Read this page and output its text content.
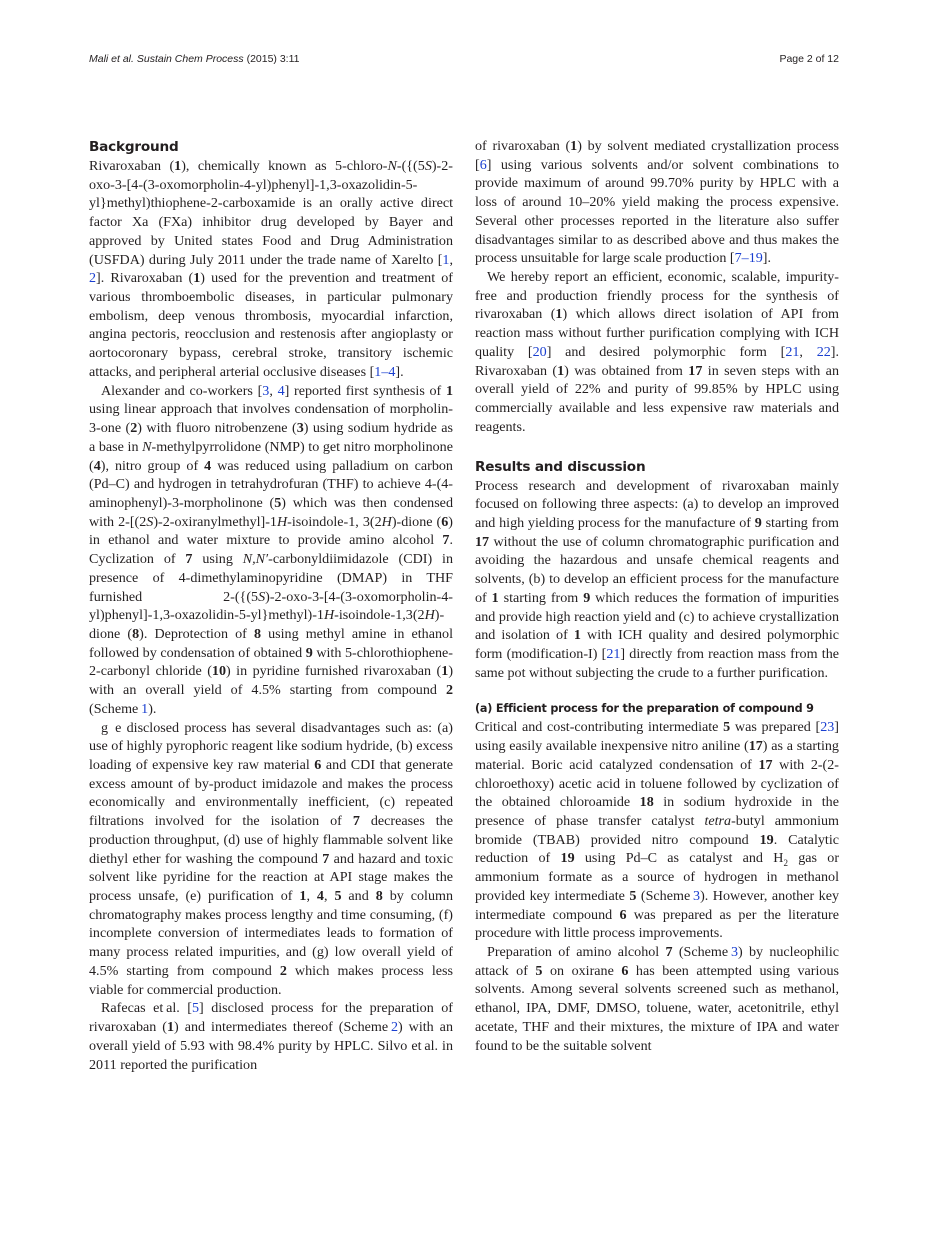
Mali et al. Sustain Chem Process (2015) 3:11	Page 2 of 12
Background

Rivaroxaban (1), chemically known as 5-chloro-N-({(5S)-2-oxo-3-[4-(3-oxomorpholin-4-yl)phenyl]-1,3-oxazolidin-5-yl}methyl)thiophene-2-carboxamide is an orally active direct factor Xa (FXa) inhibitor drug developed by Bayer and approved by United states Food and Drug Administration (USFDA) during July 2011 under the trade name of Xarelto [1, 2]. Rivaroxaban (1) used for the prevention and treatment of various thromboembolic diseases, in particular pulmonary embolism, deep venous thrombosis, myocardial infarction, angina pectoris, reocclusion and restenosis after angioplasty or aortocoronary bypass, cerebral stroke, transitory ischemic attacks, and peripheral arterial occlusive diseases [1–4].

Alexander and co-workers [3, 4] reported first synthesis of 1 using linear approach that involves condensation of morpholin-3-one (2) with fluoro nitrobenzene (3) using sodium hydride as a base in N-methylpyrrolidone (NMP) to get nitro morpholinone (4), nitro group of 4 was reduced using palladium on carbon (Pd–C) and hydrogen in tetrahydrofuran (THF) to achieve 4-(4-aminophenyl)-3-morpholinone (5) which was then condensed with 2-[(2S)-2-oxiranylmethyl]-1H-isoindole-1, 3(2H)-dione (6) in ethanol and water mixture to provide amino alcohol 7. Cyclization of 7 using N,N′-carbonyldiimidazole (CDI) in presence of 4-dimethylaminopyridine (DMAP) in THF furnished 2-({(5S)-2-oxo-3-[4-(3-oxomorpholin-4-yl)phenyl]-1,3-oxazolidin-5-yl}methyl)-1H-isoindole-1,3(2H)-dione (8). Deprotection of 8 using methyl amine in ethanol followed by condensation of obtained 9 with 5-chlorothiophene-2-carbonyl chloride (10) in pyridine furnished rivaroxaban (1) with an overall yield of 4.5% starting from compound 2 (Scheme 1).

g e disclosed process has several disadvantages such as: (a) use of highly pyrophoric reagent like sodium hydride, (b) excess loading of expensive key raw material 6 and CDI that generate excess amount of by-product imidazole and makes the process economically and environmentally inefficient, (c) repeated filtrations involved for the isolation of 7 decreases the production throughput, (d) use of highly flammable solvent like diethyl ether for washing the compound 7 and hazard and toxic solvent like pyridine for the reaction at API stage makes the process unsafe, (e) purification of 1, 4, 5 and 8 by column chromatography makes process lengthy and time consuming, (f) incomplete conversion of intermediates leads to formation of many process related impurities, and (g) low overall yield of 4.5% starting from compound 2 which makes process less viable for commercial production.

Rafecas et al. [5] disclosed process for the preparation of rivaroxaban (1) and intermediates thereof (Scheme 2) with an overall yield of 5.93 with 98.4% purity by HPLC. Silvo et al. in 2011 reported the purification

of rivaroxaban (1) by solvent mediated crystallization process [6] using various solvents and/or solvent combinations to provide maximum of around 99.70% purity by HPLC with a loss of around 10–20% yield making the process expensive. Several other processes reported in the literature also suffer disadvantages similar to as described above and thus makes the process unsuitable for large scale production [7–19].

We hereby report an efficient, economic, scalable, impurity-free and production friendly process for the synthesis of rivaroxaban (1) which allows direct isolation of API from reaction mass without further purification complying with ICH quality [20] and desired polymorphic form [21, 22]. Rivaroxaban (1) was obtained from 17 in seven steps with an overall yield of 22% and purity of 99.85% by HPLC using commercially available and less expensive raw materials and reagents.

Results and discussion

Process research and development of rivaroxaban mainly focused on following three aspects: (a) to develop an improved and high yielding process for the manufacture of 9 starting from 17 without the use of column chromatographic purification and avoiding the hazardous and unsafe chemical reagents and solvents, (b) to develop an efficient process for the manufacture of 1 starting from 9 which reduces the formation of impurities and provide high reaction yield and (c) to achieve crystallization and isolation of 1 with ICH quality and desired polymorphic form (modification-I) [21] directly from reaction mass from the same pot without subjecting the crude to a further purification.

(a) Efficient process for the preparation of compound 9

Critical and cost-contributing intermediate 5 was prepared [23] using easily available inexpensive nitro aniline (17) as a starting material. Boric acid catalyzed condensation of 17 with 2-(2-chloroethoxy) acetic acid in toluene followed by cyclization of the obtained chloroamide 18 in sodium hydroxide in the presence of phase transfer catalyst tetra-butyl ammonium bromide (TBAB) provided nitro compound 19. Catalytic reduction of 19 using Pd–C as catalyst and $H_2$ gas or ammonium formate as a source of hydrogen in methanol provided key intermediate 5 (Scheme 3). However, another key intermediate compound 6 was prepared as per the literature procedure with little process improvements.

Preparation of amino alcohol 7 (Scheme 3) by nucleophilic attack of 5 on oxirane 6 has been attempted using various solvents. Among several solvents screened such as methanol, ethanol, IPA, DMF, DMSO, toluene, water, acetonitrile, ethyl acetate, THF and their mixtures, the mixture of IPA and water found to be the suitable solvent
